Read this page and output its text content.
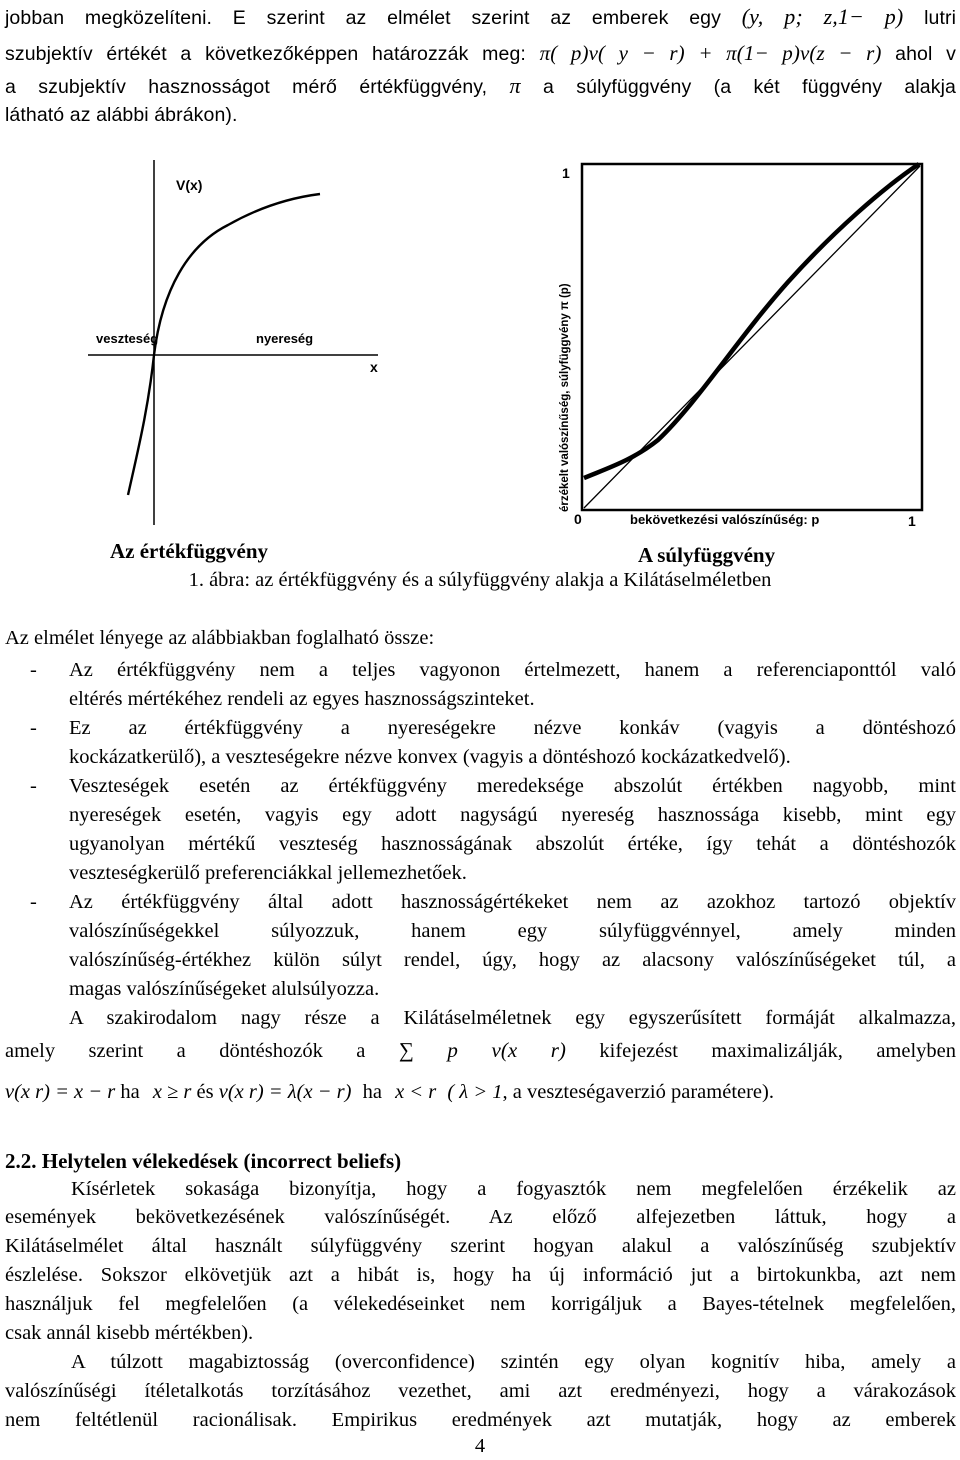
jobban megközelíteni. E szerint az elmélet szerint az emberek egy (y, p; z,1− p) lutri
szubjektív értékét a következőképpen határozzák meg: π( p)v( y − r) + π(1− p)v(z − r) ahol v
a szubjektív hasznosságot mérő értékfüggvény, π a súlyfüggvény (a két függvény alakja
látható az alábbi ábrákon).
V(x)
x
veszteség	nyereség
1
érzékelt valószínűség, súlyfüggvény π (p)
0	bekövetkezési valószínűség: p	1
Az értékfüggvény	A súlyfüggvény
1. ábra: az értékfüggvény és a súlyfüggvény alakja a Kilátáselméletben
Az elmélet lényege az alábbiakban foglalható össze:
-	Az értékfüggvény nem a teljes vagyonon értelmezett, hanem a referenciaponttól való
eltérés mértékéhez rendeli az egyes hasznosságszinteket.
-	Ez az értékfüggvény a nyereségekre nézve konkáv (vagyis a döntéshozó
kockázatkerülő), a veszteségekre nézve konvex (vagyis a döntéshozó kockázatkedvelő).
-	Veszteségek esetén az értékfüggvény meredeksége abszolút értékben nagyobb, mint
nyereségek esetén, vagyis egy adott nagyságú nyereség hasznossága kisebb, mint egy
ugyanolyan mértékű veszteség hasznosságának abszolút értéke, így tehát a döntéshozók
veszteségkerülő preferenciákkal jellemezhetőek.
-	Az értékfüggvény által adott hasznosságértékeket nem az azokhoz tartozó objektív
valószínűségekkel súlyozzuk, hanem egy súlyfüggvénnyel, amely minden
valószínűség-értékhez külön súlyt rendel, úgy, hogy az alacsony valószínűségeket túl, a
magas valószínűségeket alulsúlyozza.
A szakirodalom nagy része a Kilátáselméletnek egy egyszerűsített formáját alkalmazza,
amely szerint a döntéshozók a ∑ p v(x r) kifejezést maximalizálják, amelyben
v(x r) = x − r ha x ≥ r és v(x r) = λ(x − r) ha x < r ( λ > 1, a veszteségaverzió paramétere).
2.2. Helytelen vélekedések (incorrect beliefs)
Kísérletek sokasága bizonyítja, hogy a fogyasztók nem megfelelően érzékelik az
események bekövetkezésének valószínűségét. Az előző alfejezetben láttuk, hogy a
Kilátáselmélet által használt súlyfüggvény szerint hogyan alakul a valószínűség szubjektív
észlelése. Sokszor elkövetjük azt a hibát is, hogy ha új információ jut a birtokunkba, azt nem
használjuk fel megfelelően (a vélekedéseinket nem korrigáljuk a Bayes-tételnek megfelelően,
csak annál kisebb mértékben).
A túlzott magabiztosság (overconfidence) szintén egy olyan kognitív hiba, amely a
valószínűségi ítéletalkotás torzításához vezethet, ami azt eredményezi, hogy a várakozások
nem feltétlenül racionálisak. Empirikus eredmények azt mutatják, hogy az emberek
4
